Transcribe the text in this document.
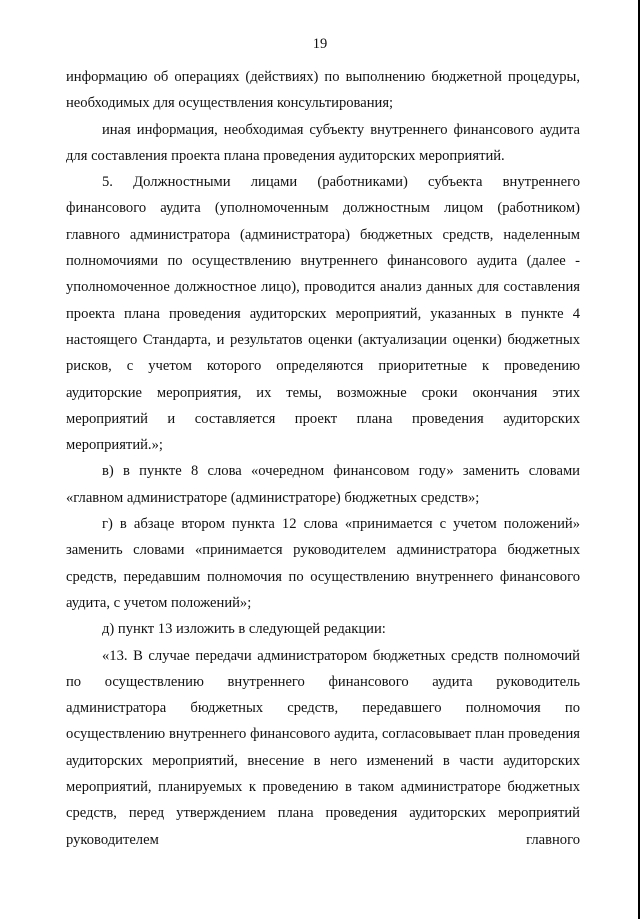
19

информацию об операциях (действиях) по выполнению бюджетной процедуры, необходимых для осуществления консультирования;

иная информация, необходимая субъекту внутреннего финансового аудита для составления проекта плана проведения аудиторских мероприятий.

5. Должностными лицами (работниками) субъекта внутреннего финансового аудита (уполномоченным должностным лицом (работником) главного администратора (администратора) бюджетных средств, наделенным полномочиями по осуществлению внутреннего финансового аудита (далее - уполномоченное должностное лицо), проводится анализ данных для составления проекта плана проведения аудиторских мероприятий, указанных в пункте 4 настоящего Стандарта, и результатов оценки (актуализации оценки) бюджетных рисков, с учетом которого определяются приоритетные к проведению аудиторские мероприятия, их темы, возможные сроки окончания этих мероприятий и составляется проект плана проведения аудиторских мероприятий.»;

в) в пункте 8 слова «очередном финансовом году» заменить словами «главном администраторе (администраторе) бюджетных средств»;

г) в абзаце втором пункта 12 слова «принимается с учетом положений» заменить словами «принимается руководителем администратора бюджетных средств, передавшим полномочия по осуществлению внутреннего финансового аудита, с учетом положений»;

д) пункт 13 изложить в следующей редакции:

«13. В случае передачи администратором бюджетных средств полномочий по осуществлению внутреннего финансового аудита руководитель администратора бюджетных средств, передавшего полномочия по осуществлению внутреннего финансового аудита, согласовывает план проведения аудиторских мероприятий, внесение в него изменений в части аудиторских мероприятий, планируемых к проведению в таком администраторе бюджетных средств, перед утверждением плана проведения аудиторских мероприятий руководителем главного
